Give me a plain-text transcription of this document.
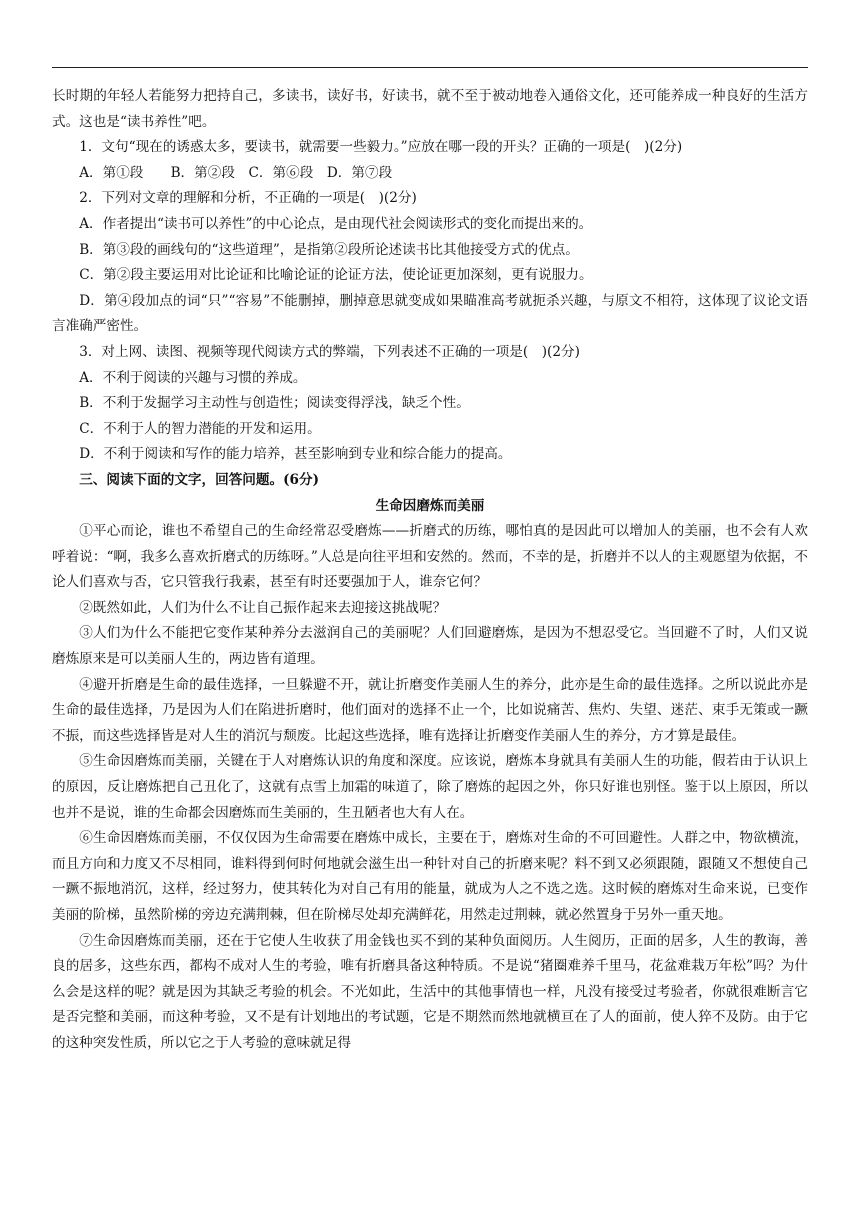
长时期的年轻人若能努力把持自己，多读书，读好书，好读书，就不至于被动地卷入通俗文化，还可能养成一种良好的生活方式。这也是“读书养性”吧。

1．文句“现在的诱惑太多，要读书，就需要一些毅力。”应放在哪一段的开头？正确的一项是(　)(2分)

A．第①段　　B．第②段　C．第⑥段　D．第⑦段

2．下列对文章的理解和分析，不正确的一项是(　)(2分)

A．作者提出“读书可以养性”的中心论点，是由现代社会阅读形式的变化而提出来的。

B．第③段的画线句的“这些道理”，是指第②段所论述读书比其他接受方式的优点。

C．第②段主要运用对比论证和比喻论证的论证方法，使论证更加深刻，更有说服力。

D．第④段加点的词“只”“容易”不能删掉，删掉意思就变成如果瞄准高考就扼杀兴趣，与原文不相符，这体现了议论文语言准确严密性。

3．对上网、读图、视频等现代阅读方式的弊端，下列表述不正确的一项是(　)(2分)

A．不利于阅读的兴趣与习惯的养成。

B．不利于发掘学习主动性与创造性；阅读变得浮浅，缺乏个性。

C．不利于人的智力潜能的开发和运用。

D．不利于阅读和写作的能力培养，甚至影响到专业和综合能力的提高。

三、阅读下面的文字，回答问题。(6分)

生命因磨炼而美丽

①平心而论，谁也不希望自己的生命经常忍受磨炼——折磨式的历练，哪怕真的是因此可以增加人的美丽，也不会有人欢呼着说：“啊，我多么喜欢折磨式的历练呀。”人总是向往平坦和安然的。然而，不幸的是，折磨并不以人的主观愿望为依据，不论人们喜欢与否，它只管我行我素，甚至有时还要强加于人，谁奈它何？

②既然如此，人们为什么不让自己振作起来去迎接这挑战呢？

③人们为什么不能把它变作某种养分去滋润自己的美丽呢？人们回避磨炼，是因为不想忍受它。当回避不了时，人们又说磨炼原来是可以美丽人生的，两边皆有道理。

④避开折磨是生命的最佳选择，一旦躲避不开，就让折磨变作美丽人生的养分，此亦是生命的最佳选择。之所以说此亦是生命的最佳选择，乃是因为人们在陷进折磨时，他们面对的选择不止一个，比如说痛苦、焦灼、失望、迷茫、束手无策或一蹶不振，而这些选择皆是对人生的消沉与颓废。比起这些选择，唯有选择让折磨变作美丽人生的养分，方才算是最佳。

⑤生命因磨炼而美丽，关键在于人对磨炼认识的角度和深度。应该说，磨炼本身就具有美丽人生的功能，假若由于认识上的原因，反让磨炼把自己丑化了，这就有点雪上加霜的味道了，除了磨炼的起因之外，你只好谁也别怪。鉴于以上原因，所以也并不是说，谁的生命都会因磨炼而生美丽的，生丑陋者也大有人在。

⑥生命因磨炼而美丽，不仅仅因为生命需要在磨炼中成长，主要在于，磨炼对生命的不可回避性。人群之中，物欲横流，而且方向和力度又不尽相同，谁料得到何时何地就会滋生出一种针对自己的折磨来呢？料不到又必须跟随，跟随又不想使自己一蹶不振地消沉，这样，经过努力，使其转化为对自己有用的能量，就成为人之不选之选。这时候的磨炼对生命来说，已变作美丽的阶梯，虽然阶梯的旁边充满荆棘，但在阶梯尽处却充满鲜花，用然走过荆棘，就必然置身于另外一重天地。

⑦生命因磨炼而美丽，还在于它使人生收获了用金钱也买不到的某种负面阅历。人生阅历，正面的居多，人生的教诲，善良的居多，这些东西，都构不成对人生的考验，唯有折磨具备这种特质。不是说“猪圈难养千里马，花盆难栽万年松”吗？为什么会是这样的呢？就是因为其缺乏考验的机会。不光如此，生活中的其他事情也一样，凡没有接受过考验者，你就很难断言它是否完整和美丽，而这种考验，又不是有计划地出的考试题，它是不期然而然地就横亘在了人的面前，使人猝不及防。由于它的这种突发性质，所以它之于人考验的意味就足得
